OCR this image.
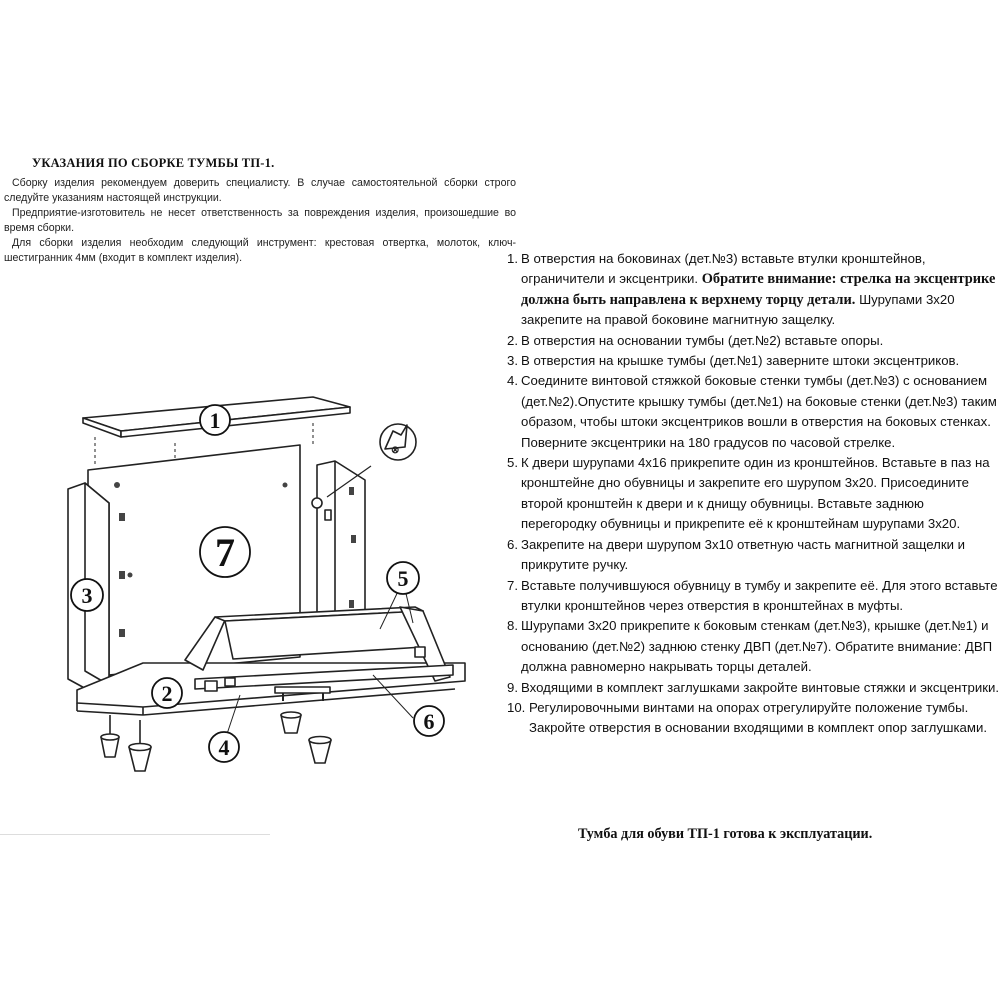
УКАЗАНИЯ ПО СБОРКЕ ТУМБЫ ТП-1.

Сборку изделия рекомендуем доверить специалисту. В случае самостоятельной сборки строго следуйте указаниям настоящей инструкции.

Предприятие-изготовитель не несет ответственность за повреждения изделия, произошедшие во время сборки.

Для сборки изделия необходим следующий инструмент: крестовая отвертка, молоток, ключ-шестигранник 4мм (входит в комплект изделия).

⊗
1
7
3
5
2
4
6
1. В отверстия на боковинах (дет.№3) вставьте втулки кронштейнов, ограничители и эксцентрики. Обратите внимание: стрелка на эксцентрике должна быть направлена к верхнему торцу детали. Шурупами 3х20 закрепите на правой боковине магнитную защелку.
2. В отверстия на основании тумбы (дет.№2) вставьте опоры.
3. В отверстия на крышке тумбы (дет.№1) заверните штоки эксцентриков.
4. Соедините винтовой стяжкой боковые стенки тумбы (дет.№3) с основанием (дет.№2).Опустите крышку тумбы (дет.№1) на боковые стенки (дет.№3) таким образом, чтобы штоки эксцентриков вошли в отверстия на боковых стенках. Поверните эксцентрики на 180 градусов по часовой стрелке.
5. К двери шурупами 4х16 прикрепите один из кронштейнов. Вставьте в паз на кронштейне дно обувницы и закрепите его шурупом 3х20. Присоедините второй кронштейн к двери и к днищу обувницы. Вставьте заднюю перегородку обувницы и прикрепите её к кронштейнам шурупами 3х20.
6. Закрепите на двери шурупом 3х10 ответную часть магнитной защелки и прикрутите ручку.
7. Вставьте получившуюся обувницу в тумбу и закрепите её. Для этого вставьте втулки кронштейнов через отверстия в кронштейнах в муфты.
8. Шурупами 3х20 прикрепите к боковым стенкам (дет.№3), крышке (дет.№1) и основанию (дет.№2) заднюю стенку ДВП (дет.№7). Обратите внимание: ДВП должна равномерно накрывать торцы деталей.
9. Входящими в комплект заглушками закройте винтовые стяжки и эксцентрики.
10. Регулировочными винтами на опорах отрегулируйте положение тумбы. Закройте отверстия в основании входящими в комплект опор заглушками.
Тумба для обуви ТП-1 готова к эксплуатации.
